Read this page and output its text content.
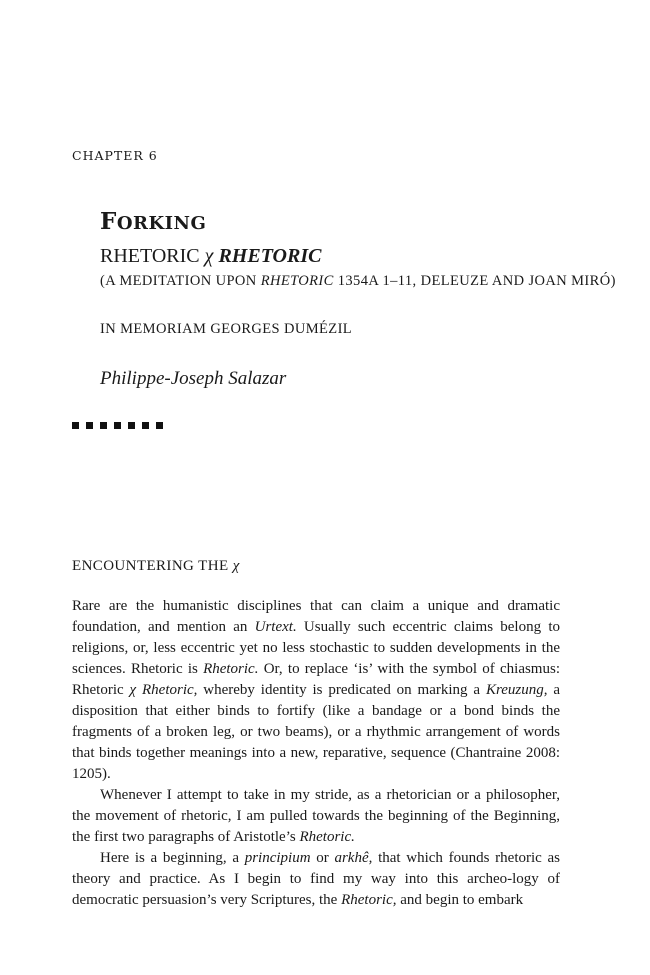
CHAPTER 6
FORKING
RHETORIC χ RHETORIC
(A MEDITATION UPON RHETORIC 1354A 1–11, DELEUZE AND JOAN MIRÓ)
IN MEMORIAM GEORGES DUMÉZIL
Philippe-Joseph Salazar
ENCOUNTERING THE χ

Rare are the humanistic disciplines that can claim a unique and dramatic foundation, and mention an Urtext. Usually such eccentric claims belong to religions, or, less eccentric yet no less stochastic to sudden developments in the sciences. Rhetoric is Rhetoric. Or, to replace ‘is’ with the symbol of chiasmus: Rhetoric χ Rhetoric, whereby identity is predicated on marking a Kreuzung, a disposition that either binds to fortify (like a bandage or a bond binds the fragments of a broken leg, or two beams), or a rhythmic arrangement of words that binds together meanings into a new, reparative, sequence (Chantraine 2008: 1205).

Whenever I attempt to take in my stride, as a rhetorician or a philosopher, the movement of rhetoric, I am pulled towards the beginning of the Beginning, the first two paragraphs of Aristotle’s Rhetoric.

Here is a beginning, a principium or arkhê, that which founds rhetoric as theory and practice. As I begin to find my way into this archeo-logy of democratic persuasion’s very Scriptures, the Rhetoric, and begin to embark
